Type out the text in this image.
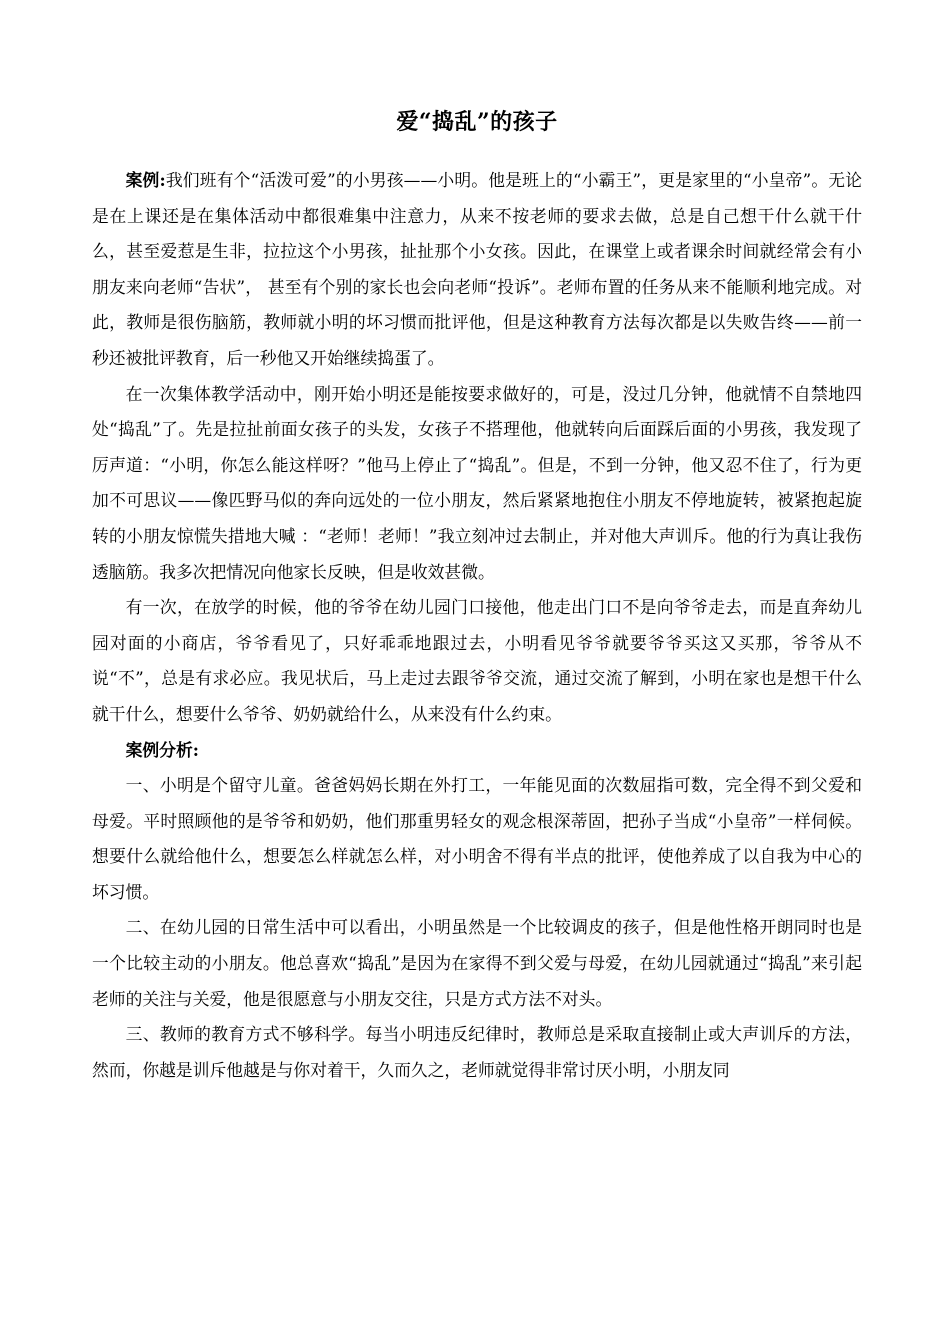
爱“捣乱”的孩子

案例:我们班有个“活泼可爱”的小男孩——小明。他是班上的“小霸王”，更是家里的“小皇帝”。无论是在上课还是在集体活动中都很难集中注意力，从来不按老师的要求去做，总是自己想干什么就干什么，甚至爱惹是生非，拉拉这个小男孩，扯扯那个小女孩。因此，在课堂上或者课余时间就经常会有小朋友来向老师“告状”， 甚至有个别的家长也会向老师“投诉”。老师布置的任务从来不能顺利地完成。对此，教师是很伤脑筋，教师就小明的坏习惯而批评他，但是这种教育方法每次都是以失败告终——前一秒还被批评教育，后一秒他又开始继续捣蛋了。

在一次集体教学活动中，刚开始小明还是能按要求做好的，可是，没过几分钟，他就情不自禁地四处“捣乱”了。先是拉扯前面女孩子的头发，女孩子不搭理他，他就转向后面踩后面的小男孩，我发现了厉声道：“小明，你怎么能这样呀？”他马上停止了“捣乱”。但是，不到一分钟，他又忍不住了，行为更加不可思议——像匹野马似的奔向远处的一位小朋友，然后紧紧地抱住小朋友不停地旋转，被紧抱起旋转的小朋友惊慌失措地大喊 ：“老师！老师！”我立刻冲过去制止，并对他大声训斥。他的行为真让我伤透脑筋。我多次把情况向他家长反映，但是收效甚微。

有一次，在放学的时候，他的爷爷在幼儿园门口接他，他走出门口不是向爷爷走去，而是直奔幼儿园对面的小商店，爷爷看见了，只好乖乖地跟过去，小明看见爷爷就要爷爷买这又买那，爷爷从不说“不”，总是有求必应。我见状后，马上走过去跟爷爷交流，通过交流了解到，小明在家也是想干什么就干什么，想要什么爷爷、奶奶就给什么，从来没有什么约束。

案例分析:

一、小明是个留守儿童。爸爸妈妈长期在外打工，一年能见面的次数屈指可数，完全得不到父爱和母爱。平时照顾他的是爷爷和奶奶，他们那重男轻女的观念根深蒂固，把孙子当成“小皇帝”一样伺候。想要什么就给他什么，想要怎么样就怎么样，对小明舍不得有半点的批评，使他养成了以自我为中心的坏习惯。

二、在幼儿园的日常生活中可以看出，小明虽然是一个比较调皮的孩子，但是他性格开朗同时也是一个比较主动的小朋友。他总喜欢“捣乱”是因为在家得不到父爱与母爱，在幼儿园就通过“捣乱”来引起老师的关注与关爱，他是很愿意与小朋友交往，只是方式方法不对头。

三、教师的教育方式不够科学。每当小明违反纪律时，教师总是采取直接制止或大声训斥的方法，然而，你越是训斥他越是与你对着干，久而久之，老师就觉得非常讨厌小明，小朋友同
